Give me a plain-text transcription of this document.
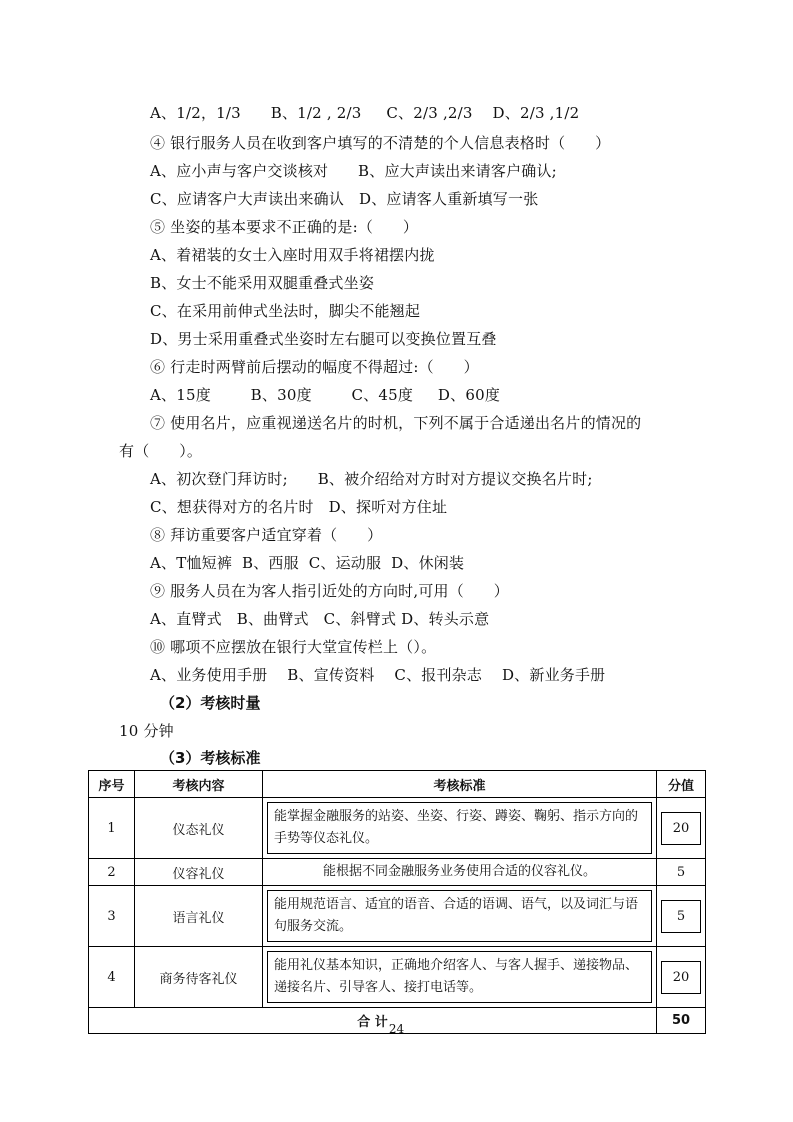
A、1/2，1/3      B、1/2 , 2/3     C、2/3 ,2/3    D、2/3 ,1/2
④ 银行服务人员在收到客户填写的不清楚的个人信息表格时（      ）
A、应小声与客户交谈核对      B、应大声读出来请客户确认;
C、应请客户大声读出来确认   D、应请客人重新填写一张
⑤ 坐姿的基本要求不正确的是:（      ）
A、着裙装的女士入座时用双手将裙摆内拢
B、女士不能采用双腿重叠式坐姿
C、在采用前伸式坐法时，脚尖不能翘起
D、男士采用重叠式坐姿时左右腿可以变换位置互叠
⑥ 行走时两臂前后摆动的幅度不得超过:（      ）
A、15度        B、30度        C、45度     D、60度
⑦ 使用名片，应重视递送名片的时机，下列不属于合适递出名片的情况的
有（      ）。
A、初次登门拜访时;      B、被介绍给对方时对方提议交换名片时;
C、想获得对方的名片时   D、探听对方住址
⑧ 拜访重要客户适宜穿着（      ）
A、T恤短裤  B、西服  C、运动服  D、休闲装
⑨ 服务人员在为客人指引近处的方向时,可用（      ）
A、直臂式   B、曲臂式   C、斜臂式 D、转头示意
⑩ 哪项不应摆放在银行大堂宣传栏上（）。
A、业务使用手册    B、宣传资料    C、报刊杂志    D、新业务手册
（2）考核时量
10 分钟
（3）考核标准
序号	考核内容	考核标准	分值
1	仪态礼仪	能掌握金融服务的站姿、坐姿、行姿、蹲姿、鞠躬、指示方向的手势等仪态礼仪。	20

2	仪容礼仪	能根据不同金融服务业务使用合适的仪容礼仪。	5
3	语言礼仪	能用规范语言、适宜的语音、合适的语调、语气，以及词汇与语句服务交流。	5

4	商务待客礼仪	能用礼仪基本知识，正确地介绍客人、与客人握手、递接物品、递接名片、引导客人、接打电话等。	20

合 计			50
24
